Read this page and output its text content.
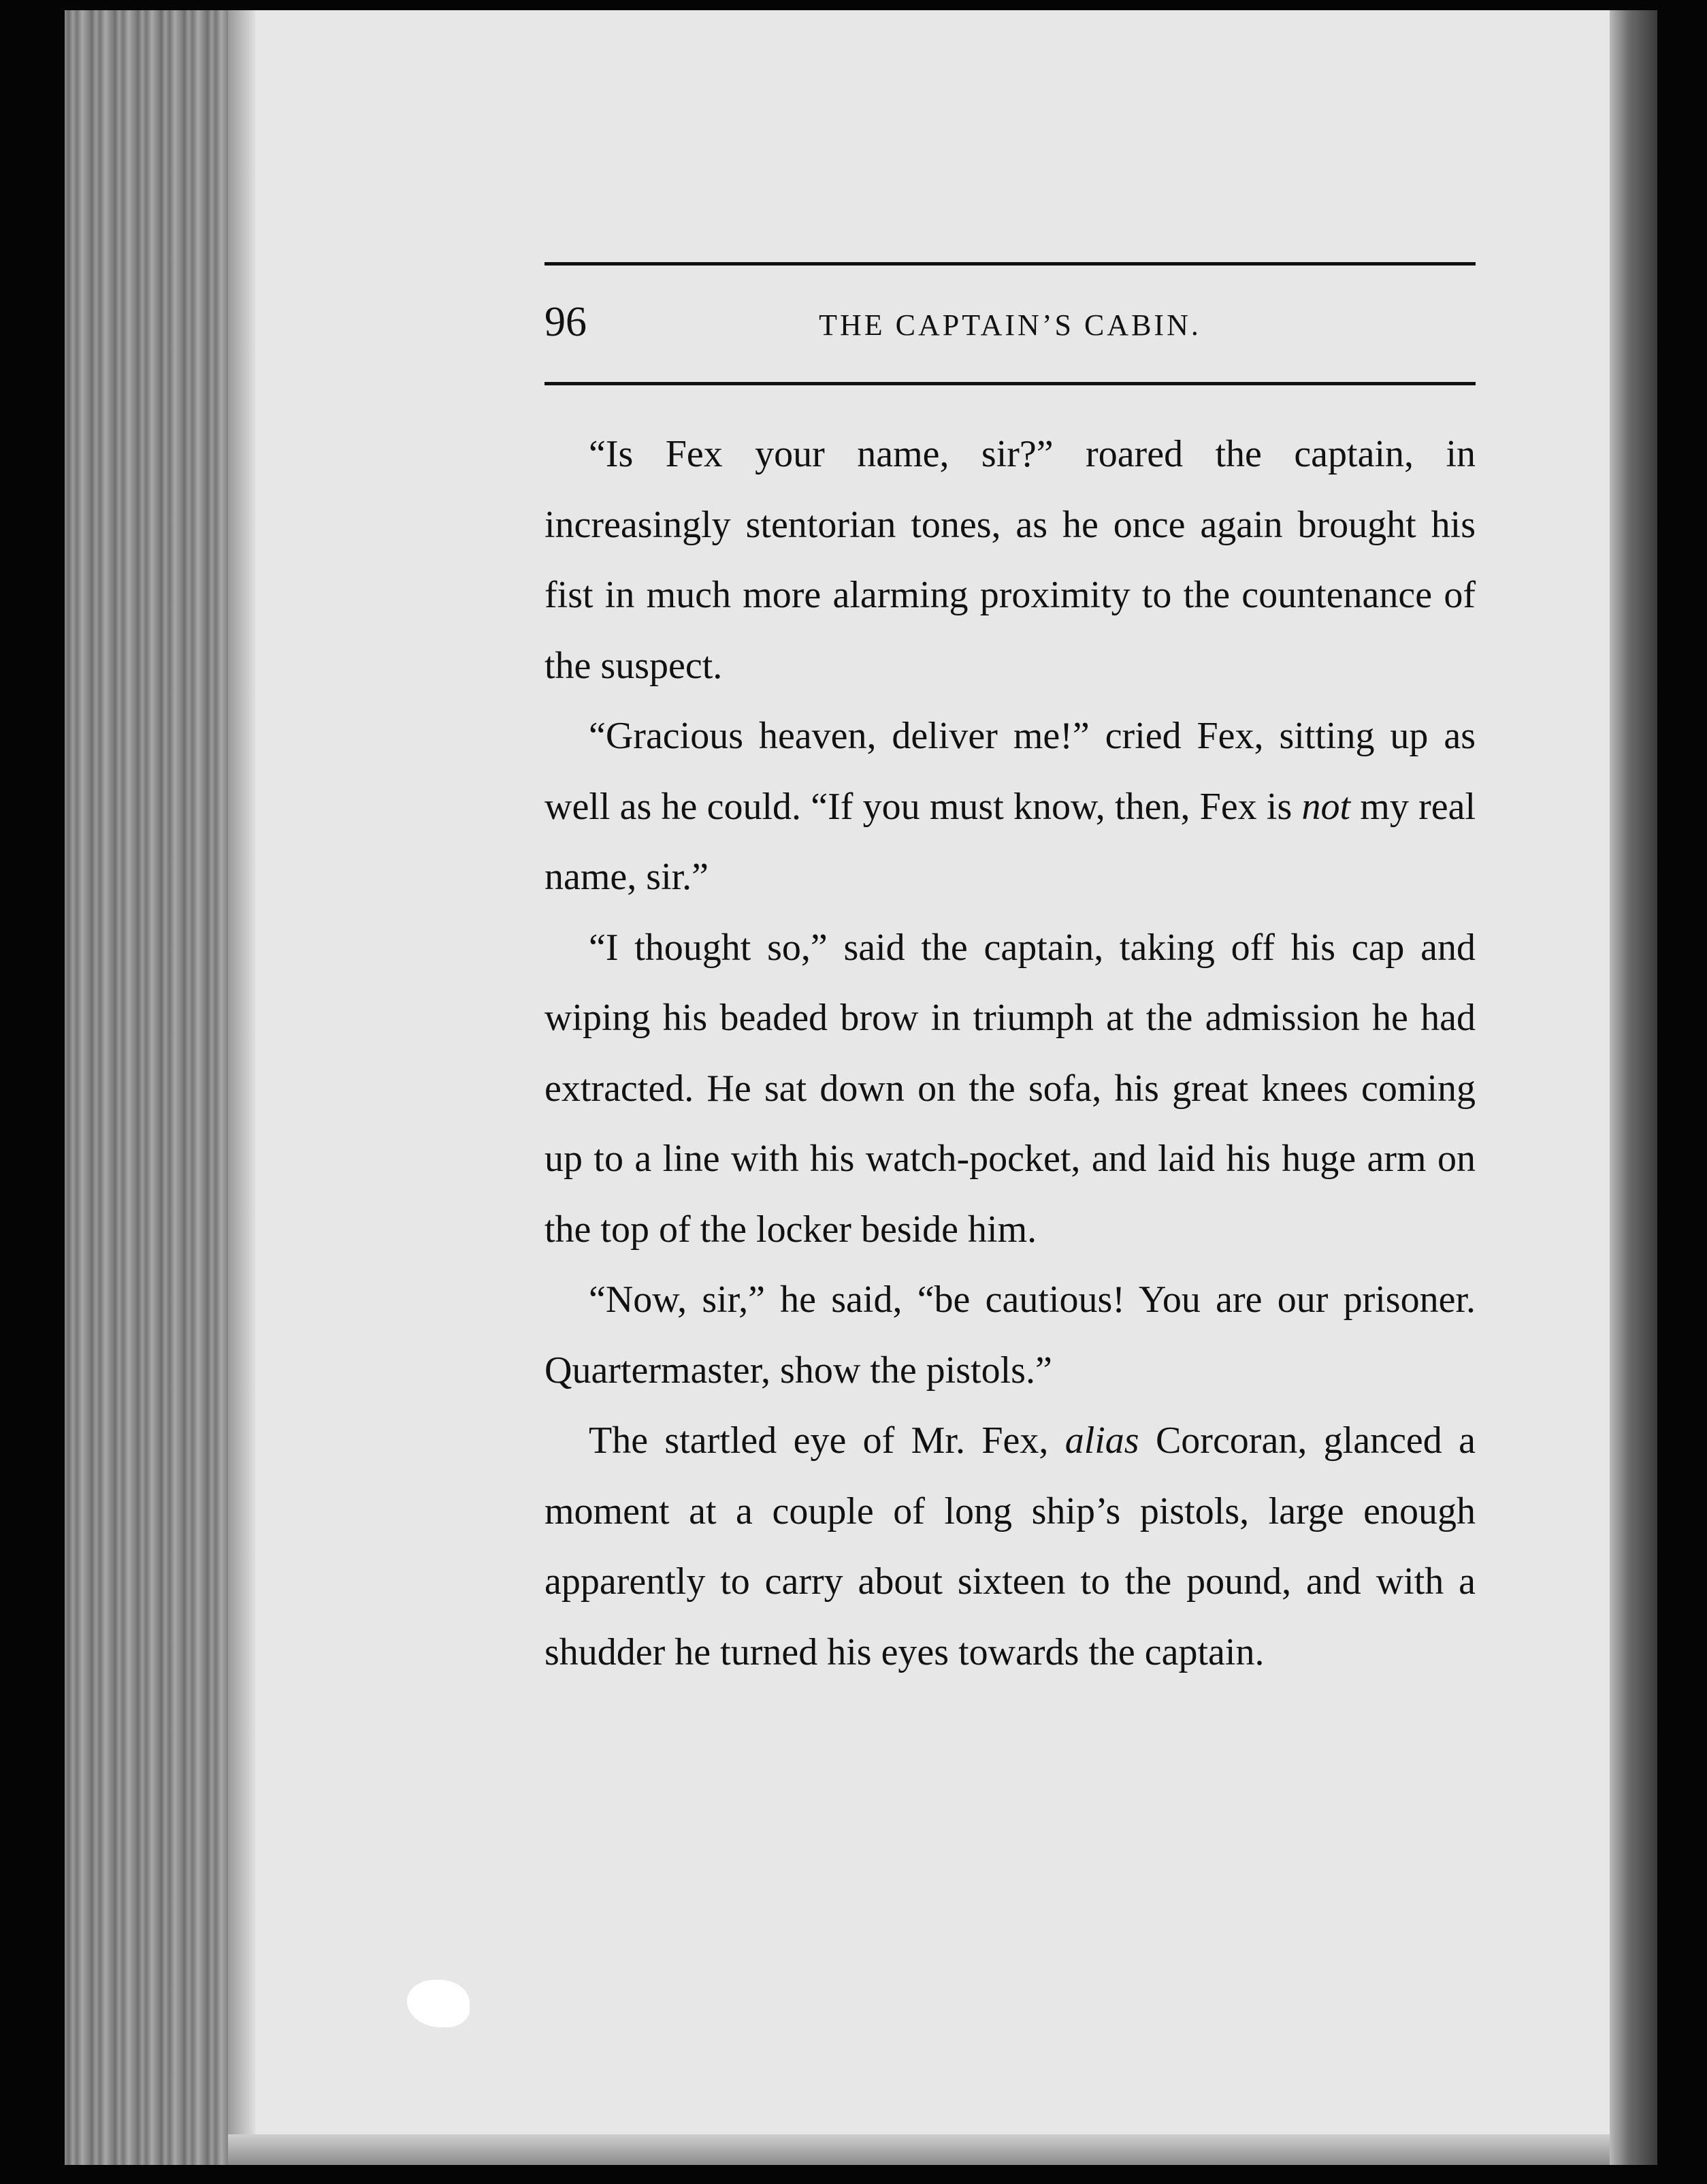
96	THE CAPTAIN’S CABIN.

“Is Fex your name, sir?” roared the captain, in increasingly stentorian tones, as he once again brought his fist in much more alarming proximity to the countenance of the suspect.

“Gracious heaven, deliver me!” cried Fex, sitting up as well as he could. “If you must know, then, Fex is not my real name, sir.”

“I thought so,” said the captain, taking off his cap and wiping his beaded brow in triumph at the admission he had extracted. He sat down on the sofa, his great knees coming up to a line with his watch-pocket, and laid his huge arm on the top of the locker beside him.

“Now, sir,” he said, “be cautious! You are our prisoner. Quartermaster, show the pistols.”

The startled eye of Mr. Fex, alias Corcoran, glanced a moment at a couple of long ship’s pistols, large enough apparently to carry about sixteen to the pound, and with a shudder he turned his eyes towards the captain.
